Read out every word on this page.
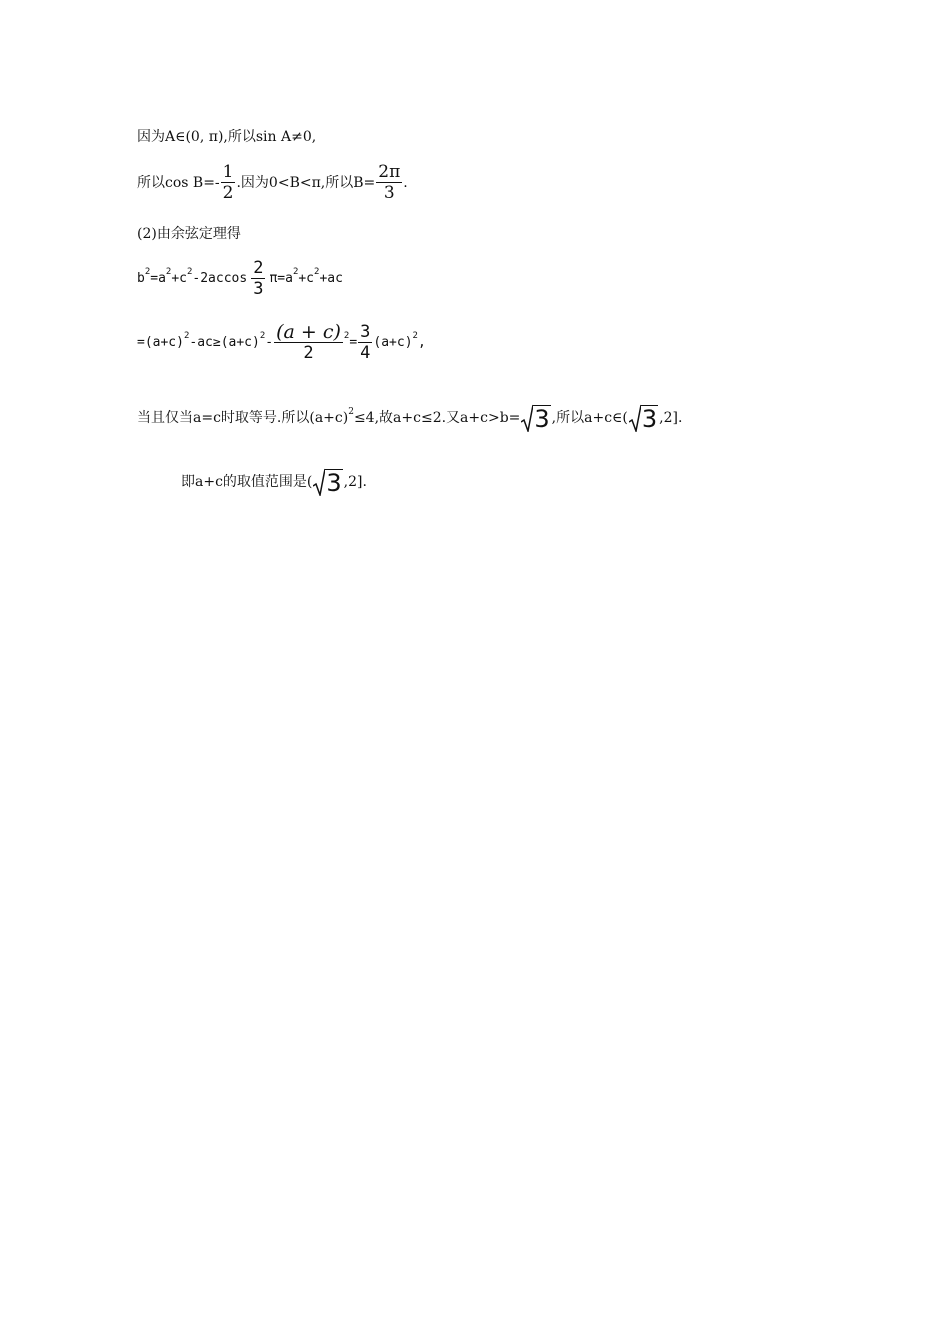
因为A∈(0, π),所以sin A≠0,
所以$\cos B=- \frac{1}{2}$ .因为0<B<π,所以$B= \frac{2\pi}{3}$ .
(2)由余弦定理得
b 2 =a 2 +c 2 $-2accos \frac{2}{3} \pi=a$ 2 +c 2 +ac
=(a+c) 2 -ac≥(a+c) $2 - \frac{(a + c)}{2} 2 = \frac{3}{4} (a+c)$ 2 ,
当且仅当a=c时取等号.所以(a+c) 2 ≤4,故a+c≤2.又a+c>b= 3 ,所以a+c∈( 3 ,2].
即a+c的取值范围是( 3 ,2].
